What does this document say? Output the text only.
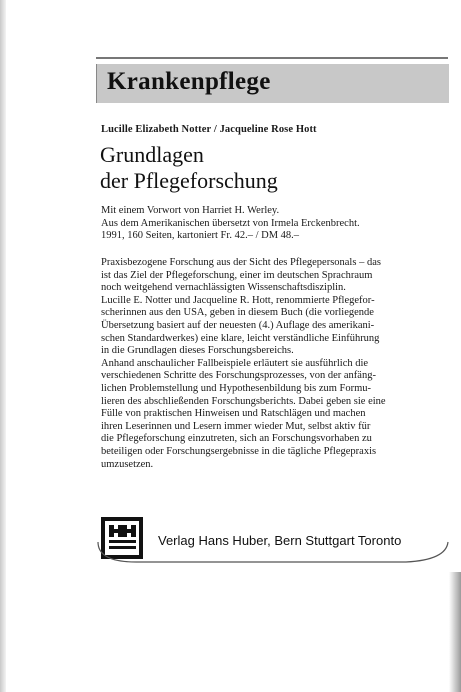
Krankenpflege
Lucille Elizabeth Notter / Jacqueline Rose Hott
Grundlagen
der Pflegeforschung
Mit einem Vorwort von Harriet H. Werley.
Aus dem Amerikanischen übersetzt von Irmela Erckenbrecht.
1991, 160 Seiten, kartoniert Fr. 42.– / DM 48.–
Praxisbezogene Forschung aus der Sicht des Pflegepersonals – das
ist das Ziel der Pflegeforschung, einer im deutschen Sprachraum
noch weitgehend vernachlässigten Wissenschaftsdisziplin.
Lucille E. Notter und Jacqueline R. Hott, renommierte Pflegefor-
scherinnen aus den USA, geben in diesem Buch (die vorliegende
Übersetzung basiert auf der neuesten (4.) Auflage des amerikani-
schen Standardwerkes) eine klare, leicht verständliche Einführung
in die Grundlagen dieses Forschungsbereichs.
Anhand anschaulicher Fallbeispiele erläutert sie ausführlich die
verschiedenen Schritte des Forschungsprozesses, von der anfäng-
lichen Problemstellung und Hypothesenbildung bis zum Formu-
lieren des abschließenden Forschungsberichts. Dabei geben sie eine
Fülle von praktischen Hinweisen und Ratschlägen und machen
ihren Leserinnen und Lesern immer wieder Mut, selbst aktiv für
die Pflegeforschung einzutreten, sich an Forschungsvorhaben zu
beteiligen oder Forschungsergebnisse in die tägliche Pflegepraxis
umzusetzen.
Verlag Hans Huber, Bern Stuttgart Toronto
